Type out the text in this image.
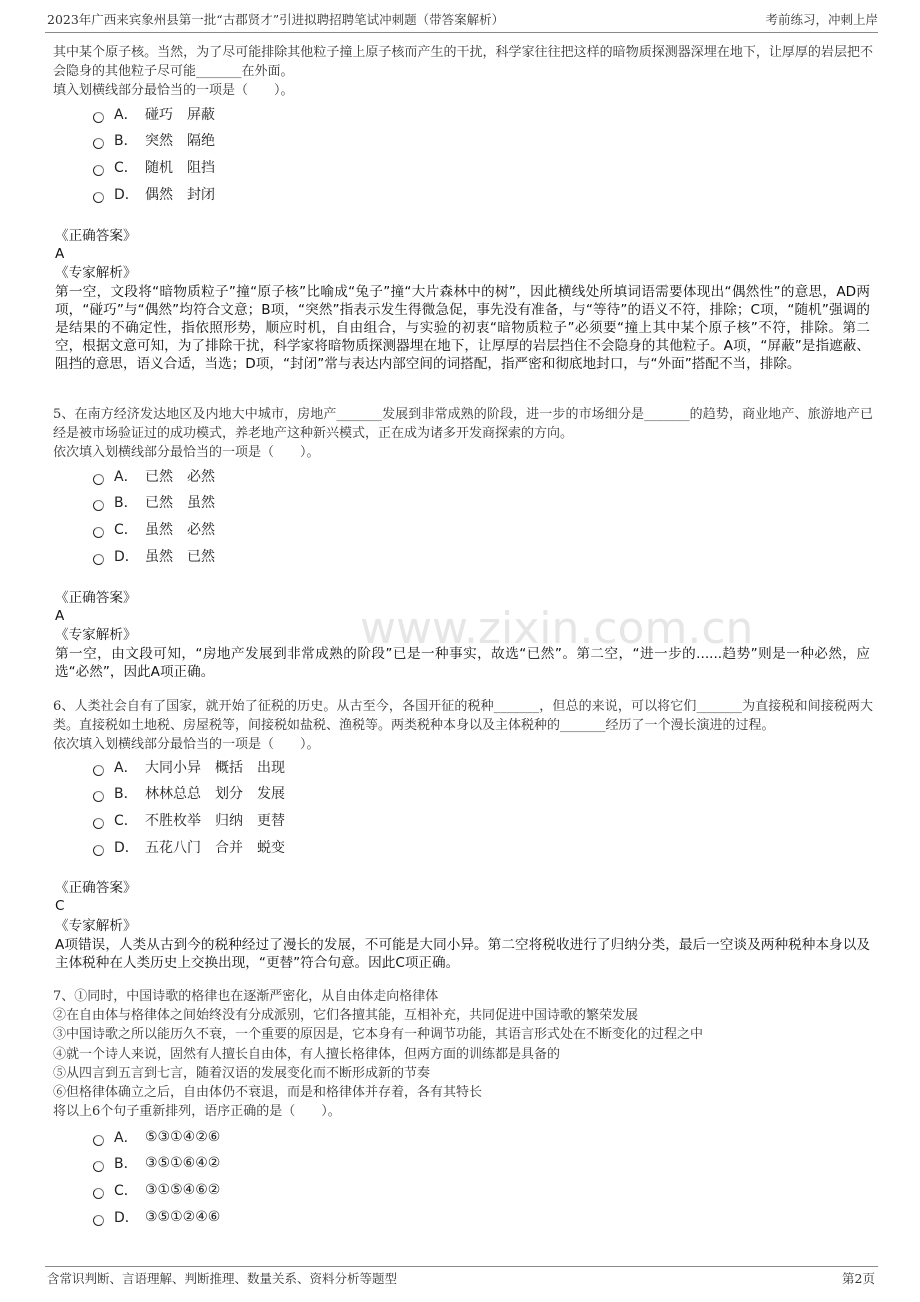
www.zixin.com.cn
2023年广西来宾象州县第一批“古郡贤才”引进拟聘招聘笔试冲刺题（带答案解析）	考前练习，冲刺上岸

其中某个原子核。当然，为了尽可能排除其他粒子撞上原子核而产生的干扰，科学家往往把这样的暗物质探测器深埋在地下，让厚厚的岩层把不会隐身的其他粒子尽可能_______在外面。

填入划横线部分最恰当的一项是（　　）。

A． 碰巧　屏蔽
B． 突然　隔绝
C． 随机　阻挡
D． 偶然　封闭
《正确答案》
A
《专家解析》

第一空，文段将“暗物质粒子”撞“原子核”比喻成“兔子”撞“大片森林中的树”，因此横线处所填词语需要体现出“偶然性”的意思，AD两项，“碰巧”与“偶然”均符合文意；B项，“突然”指表示发生得微急促，事先没有准备，与“等待”的语义不符，排除；C项，“随机”强调的是结果的不确定性，指依照形势，顺应时机，自由组合，与实验的初衷“暗物质粒子”必须要“撞上其中某个原子核”不符，排除。第二空，根据文意可知，为了排除干扰，科学家将暗物质探测器埋在地下，让厚厚的岩层挡住不会隐身的其他粒子。A项，“屏蔽”是指遮蔽、阻挡的意思，语义合适，当选；D项，“封闭”常与表达内部空间的词搭配，指严密和彻底地封口，与“外面”搭配不当，排除。

5、在南方经济发达地区及内地大中城市，房地产_______发展到非常成熟的阶段，进一步的市场细分是_______的趋势，商业地产、旅游地产已经是被市场验证过的成功模式，养老地产这种新兴模式，正在成为诸多开发商探索的方向。

依次填入划横线部分最恰当的一项是（　　）。

A． 已然　必然
B． 已然　虽然
C． 虽然　必然
D． 虽然　已然
《正确答案》
A
《专家解析》

第一空，由文段可知，“房地产发展到非常成熟的阶段”已是一种事实，故选“已然”。第二空，“进一步的......趋势”则是一种必然，应选“必然”，因此A项正确。

6、人类社会自有了国家，就开始了征税的历史。从古至今，各国开征的税种_______，但总的来说，可以将它们_______为直接税和间接税两大类。直接税如土地税、房屋税等，间接税如盐税、渔税等。两类税种本身以及主体税种的_______经历了一个漫长演进的过程。

依次填入划横线部分最恰当的一项是（　　）。

A． 大同小异　概括　出现
B． 林林总总　划分　发展
C． 不胜枚举　归纳　更替
D． 五花八门　合并　蜕变
《正确答案》
C
《专家解析》

A项错误，人类从古到今的税种经过了漫长的发展，不可能是大同小异。第二空将税收进行了归纳分类，最后一空谈及两种税种本身以及主体税种在人类历史上交换出现，“更替”符合句意。因此C项正确。

7、①同时，中国诗歌的格律也在逐渐严密化，从自由体走向格律体
②在自由体与格律体之间始终没有分成派别，它们各擅其能，互相补充，共同促进中国诗歌的繁荣发展
③中国诗歌之所以能历久不衰，一个重要的原因是，它本身有一种调节功能，其语言形式处在不断变化的过程之中
④就一个诗人来说，固然有人擅长自由体，有人擅长格律体，但两方面的训练都是具备的
⑤从四言到五言到七言，随着汉语的发展变化而不断形成新的节奏
⑥但格律体确立之后，自由体仍不衰退，而是和格律体并存着，各有其特长
将以上6个句子重新排列，语序正确的是（　　）。
A． ⑤③①④②⑥
B． ③⑤①⑥④②
C． ③①⑤④⑥②
D． ③⑤①②④⑥
含常识判断、言语理解、判断推理、数量关系、资料分析等题型	第2页
